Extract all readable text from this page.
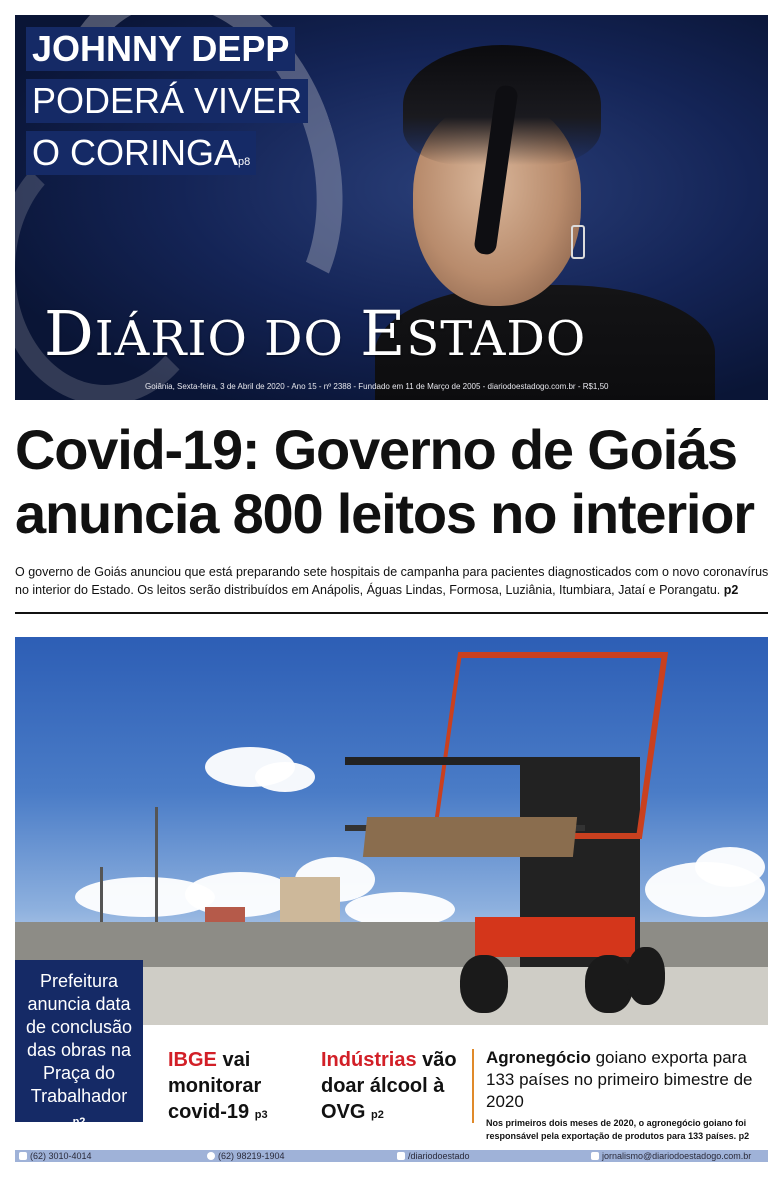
JOHNNY DEPP
PODERÁ VIVER
O CORINGAp8
DIÁRIO DO ESTADO
Goiânia, Sexta-feira, 3 de Abril de 2020 - Ano 15 - nº 2388 - Fundado em 11 de Março de 2005 - diariodoestadogo.com.br - R$1,50
Covid-19: Governo de Goiás anuncia 800 leitos no interior
O governo de Goiás anunciou que está preparando sete hospitais de campanha para pacientes diagnosticados com o novo coronavírus no interior do Estado. Os leitos serão distribuídos em Anápolis, Águas Lindas, Formosa, Luziânia, Itumbiara, Jataí e Porangatu. p2
Prefeitura anuncia data de conclusão das obras na Praça do Trabalhador
p2
IBGE vai monitorar covid-19 p3
Indústrias vão doar álcool à OVG p2
Agronegócio goiano exporta para 133 países no primeiro bimestre de 2020
Nos primeiros dois meses de 2020, o agronegócio goiano foi responsável pela exportação de produtos para 133 países. p2
(62) 3010-4014	(62) 98219-1904	/diariodoestado	jornalismo@diariodoestadogo.com.br
